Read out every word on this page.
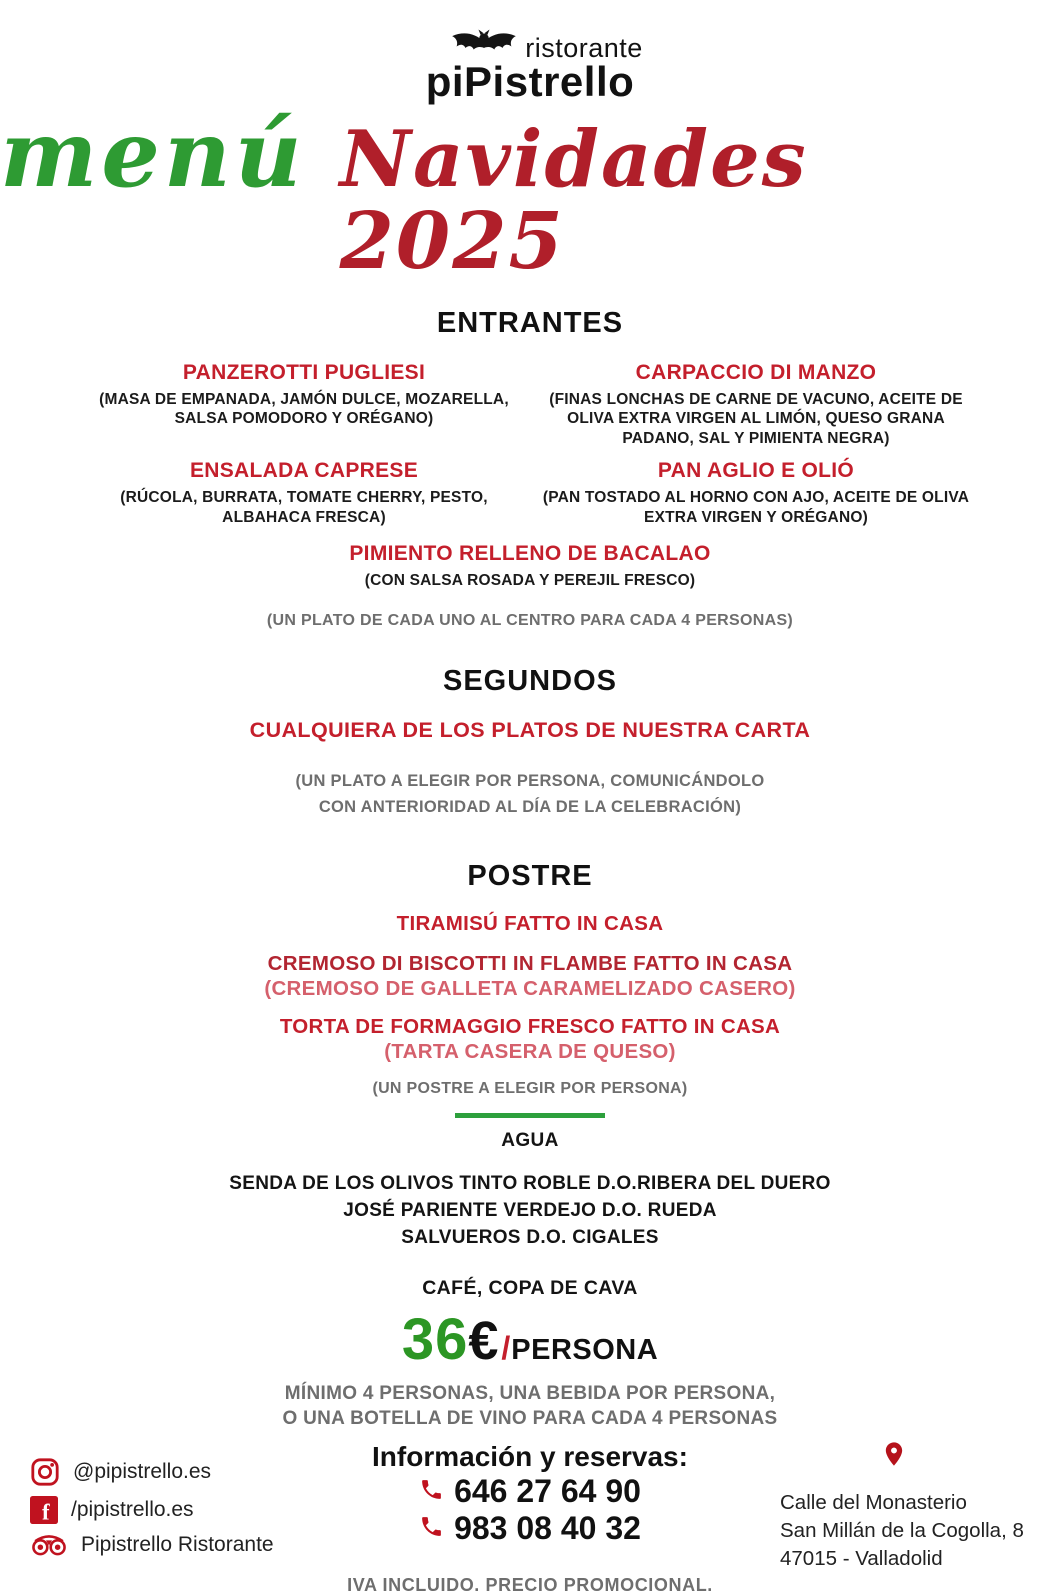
ristorante
piPistrello
menú Navidades 2025
ENTRANTES
PANZEROTTI PUGLIESI
(MASA DE EMPANADA, JAMÓN DULCE, MOZARELLA, SALSA POMODORO Y ORÉGANO)
CARPACCIO DI MANZO
(FINAS LONCHAS DE CARNE DE VACUNO, ACEITE DE OLIVA EXTRA VIRGEN AL LIMÓN, QUESO GRANA PADANO, SAL Y PIMIENTA NEGRA)
ENSALADA CAPRESE
(RÚCOLA, BURRATA, TOMATE CHERRY, PESTO, ALBAHACA FRESCA)
PAN AGLIO E OLIÓ
(PAN TOSTADO AL HORNO CON AJO, ACEITE DE OLIVA EXTRA VIRGEN Y ORÉGANO)
PIMIENTO RELLENO DE BACALAO
(CON SALSA ROSADA Y PEREJIL FRESCO)
(UN PLATO DE CADA UNO AL CENTRO PARA CADA 4 PERSONAS)
SEGUNDOS
CUALQUIERA DE LOS PLATOS DE NUESTRA CARTA
(UN PLATO A ELEGIR POR PERSONA, COMUNICÁNDOLO
CON ANTERIORIDAD AL DÍA DE LA CELEBRACIÓN)
POSTRE
TIRAMISÚ FATTO IN CASA
CREMOSO DI BISCOTTI IN FLAMBE FATTO IN CASA
(CREMOSO DE GALLETA CARAMELIZADO CASERO)
TORTA DE FORMAGGIO FRESCO FATTO IN CASA
(TARTA CASERA DE QUESO)
(UN POSTRE A ELEGIR POR PERSONA)
AGUA
SENDA DE LOS OLIVOS TINTO ROBLE D.O.RIBERA DEL DUERO
JOSÉ PARIENTE VERDEJO D.O. RUEDA
SALVUEROS D.O. CIGALES
CAFÉ, COPA DE CAVA
36 € / PERSONA
MÍNIMO 4 PERSONAS, UNA BEBIDA POR PERSONA,
O UNA BOTELLA DE VINO PARA CADA 4 PERSONAS
@pipistrello.es
f /pipistrello.es
Pipistrello Ristorante
Información y reservas:
646 27 64 90
983 08 40 32
Calle del Monasterio
San Millán de la Cogolla, 8
47015 - Valladolid
IVA INCLUIDO. PRECIO PROMOCIONAL.
